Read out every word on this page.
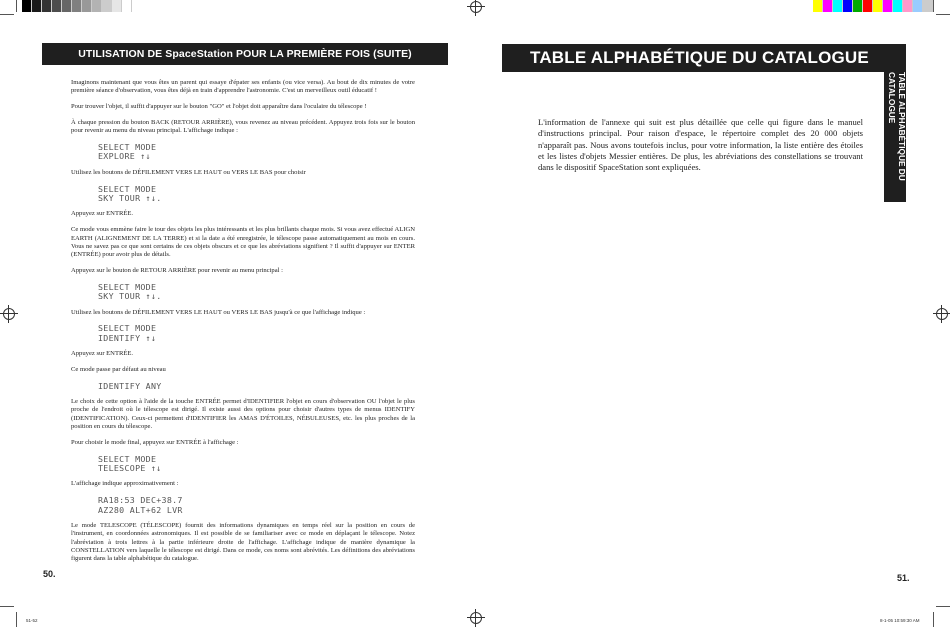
UTILISATION DE SpaceStation POUR LA PREMIÈRE FOIS (SUITE)

Imaginons maintenant que vous êtes un parent qui essaye d'épater ses enfants (ou vice versa). Au bout de dix minutes de votre première séance d'observation, vous êtes déjà en train d'apprendre l'astronomie. C'est un merveilleux outil éducatif !

Pour trouver l'objet, il suffit d'appuyer sur le bouton "GO" et l'objet doit apparaître dans l'oculaire du télescope !

À chaque pression du bouton BACK (RETOUR ARRIÈRE), vous revenez au niveau précédent. Appuyez trois fois sur le bouton pour revenir au menu du niveau principal. L'affichage indique :

SELECT MODE
EXPLORE ↑↓

Utilisez les boutons de DÉFILEMENT VERS LE HAUT ou VERS LE BAS pour choisir

SELECT MODE
SKY TOUR ↑↓.

Appuyez sur ENTRÉE.

Ce mode vous emmène faire le tour des objets les plus intéressants et les plus brillants chaque mois. Si vous avez effectué ALIGN EARTH (ALIGNEMENT DE LA TERRE) et si la date a été enregistrée, le télescope passe automatiquement au mois en cours. Vous ne savez pas ce que sont certains de ces objets obscurs et ce que les abréviations signifient ? Il suffit d'appuyer sur ENTER (ENTRÉE) pour avoir plus de détails.

Appuyez sur le bouton de RETOUR ARRIÈRE pour revenir au menu principal :

SELECT MODE
SKY TOUR ↑↓.

Utilisez les boutons de DÉFILEMENT VERS LE HAUT ou VERS LE BAS jusqu'à ce que l'affichage indique :

SELECT MODE
IDENTIFY ↑↓

Appuyez sur ENTRÉE.

Ce mode passe par défaut au niveau

IDENTIFY ANY

Le choix de cette option à l'aide de la touche ENTRÉE permet d'IDENTIFIER l'objet en cours d'observation OU l'objet le plus proche de l'endroit où le télescope est dirigé. Il existe aussi des options pour choisir d'autres types de menus IDENTIFY (IDENTIFICATION). Ceux-ci permettent d'IDENTIFIER les AMAS D'ÉTOILES, NÉBULEUSES, etc. les plus proches de la position en cours du télescope.

Pour choisir le mode final, appuyez sur ENTRÉE à l'affichage :

SELECT MODE
TELESCOPE ↑↓

L'affichage indique approximativement :

RA18:53 DEC+38.7
AZ280 ALT+62 LVR

Le mode TELESCOPE (TÉLESCOPE) fournit des informations dynamiques en temps réel sur la position en cours de l'instrument, en coordonnées astronomiques. Il est possible de se familiariser avec ce mode en déplaçant le télescope. Notez l'abréviation à trois lettres à la partie inférieure droite de l'affichage. L'affichage indique de manière dynamique la CONSTELLATION vers laquelle le télescope est dirigé. Dans ce mode, ces noms sont abrévités. Les définitions des abréviations figurent dans la table alphabétique du catalogue.

50.
51-52
TABLE ALPHABÉTIQUE DU CATALOGUE
TABLE ALPHABÉTIQUE DU CATALOGUE
L'information de l'annexe qui suit est plus détaillée que celle qui figure dans le manuel d'instructions principal. Pour raison d'espace, le répertoire complet des 20 000 objets n'apparaît pas. Nous avons toutefois inclus, pour votre information, la liste entière des étoiles et les listes d'objets Messier entières. De plus, les abréviations des constellations se trouvant dans le dispositif SpaceStation sont expliquées.
51.
8-1-05 10:59:30 AM
